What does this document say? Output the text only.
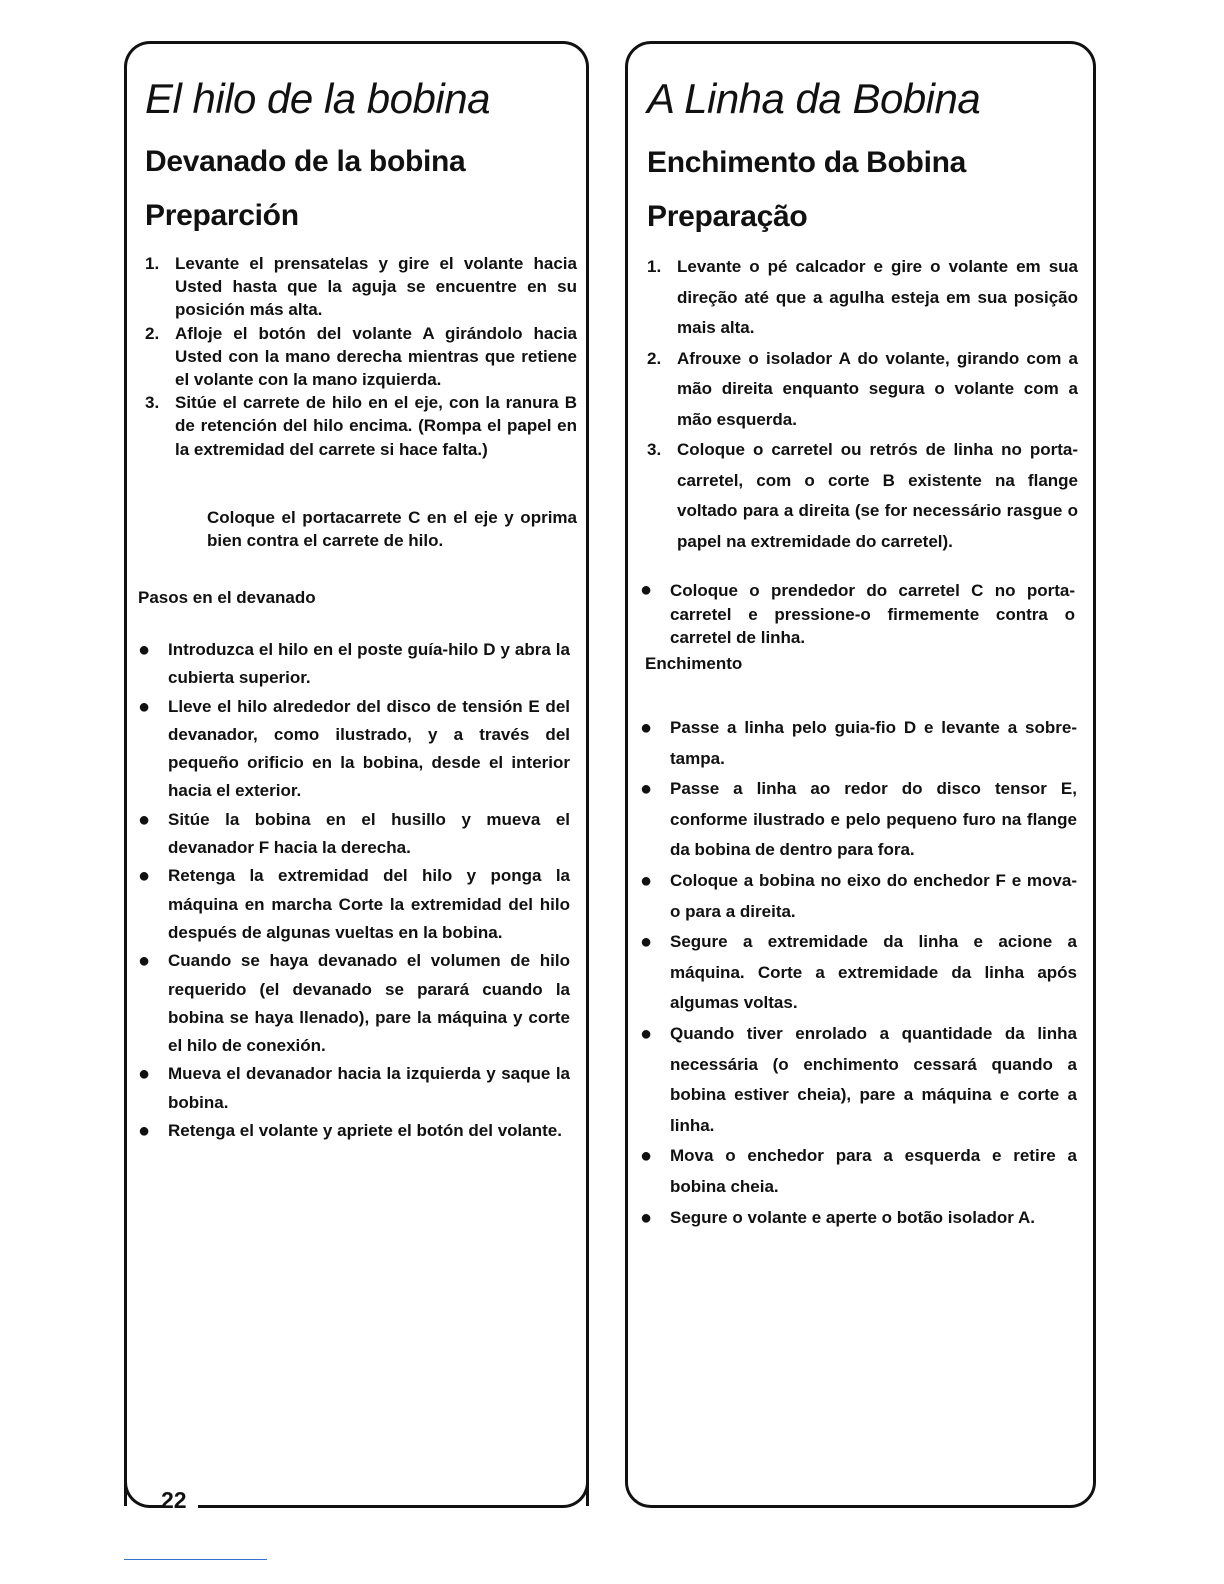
22
El hilo de la bobina
Devanado de la bobina
Preparción
1. Levante el prensatelas y gire el volante hacia Usted hasta que la aguja se encuentre en su posición más alta.
2. Afloje el botón del volante A girándolo hacia Usted con la mano derecha mientras que retiene el volante con la mano izquierda.
3. Sitúe el carrete de hilo en el eje, con la ranura B de retención del hilo encima. (Rompa el papel en la extremidad del carrete si hace falta.)

Coloque el portacarrete C en el eje y oprima bien contra el carrete de hilo.

Pasos en el devanado
● Introduzca el hilo en el poste guía-hilo D y abra la cubierta superior.
● Lleve el hilo alrededor del disco de tensión E del devanador, como ilustrado, y a través del pequeño orificio en la bobina, desde el interior hacia el exterior.
● Sitúe la bobina en el husillo y mueva el devanador F hacia la derecha.
● Retenga la extremidad del hilo y ponga la máquina en marcha Corte la extremidad del hilo después de algunas vueltas en la bobina.
● Cuando se haya devanado el volumen de hilo requerido (el devanado se parará cuando la bobina se haya llenado), pare la máquina y corte el hilo de conexión.
● Mueva el devanador hacia la izquierda y saque la bobina.
● Retenga el volante y apriete el botón del volante.
A Linha da Bobina
Enchimento da Bobina
Preparação
1. Levante o pé calcador e gire o volante em sua direção até que a agulha esteja em sua posição mais alta.
2. Afrouxe o isolador A do volante, girando com a mão direita enquanto segura o volante com a mão esquerda.
3. Coloque o carretel ou retrós de linha no porta-carretel, com o corte B existente na flange voltado para a direita (se for necessário rasgue o papel na extremidade do carretel).
● Coloque o prendedor do carretel C no porta-carretel e pressione-o firmemente contra o carretel de linha.
Enchimento
● Passe a linha pelo guia-fio D e levante a sobre-tampa.
● Passe a linha ao redor do disco tensor E, conforme ilustrado e pelo pequeno furo na flange da bobina de dentro para fora.
● Coloque a bobina no eixo do enchedor F e mova-o para a direita.
● Segure a extremidade da linha e acione a máquina. Corte a extremidade da linha após algumas voltas.
● Quando tiver enrolado a quantidade da linha necessária (o enchimento cessará quando a bobina estiver cheia), pare a máquina e corte a linha.
● Mova o enchedor para a esquerda e retire a bobina cheia.
● Segure o volante e aperte o botão isolador A.
